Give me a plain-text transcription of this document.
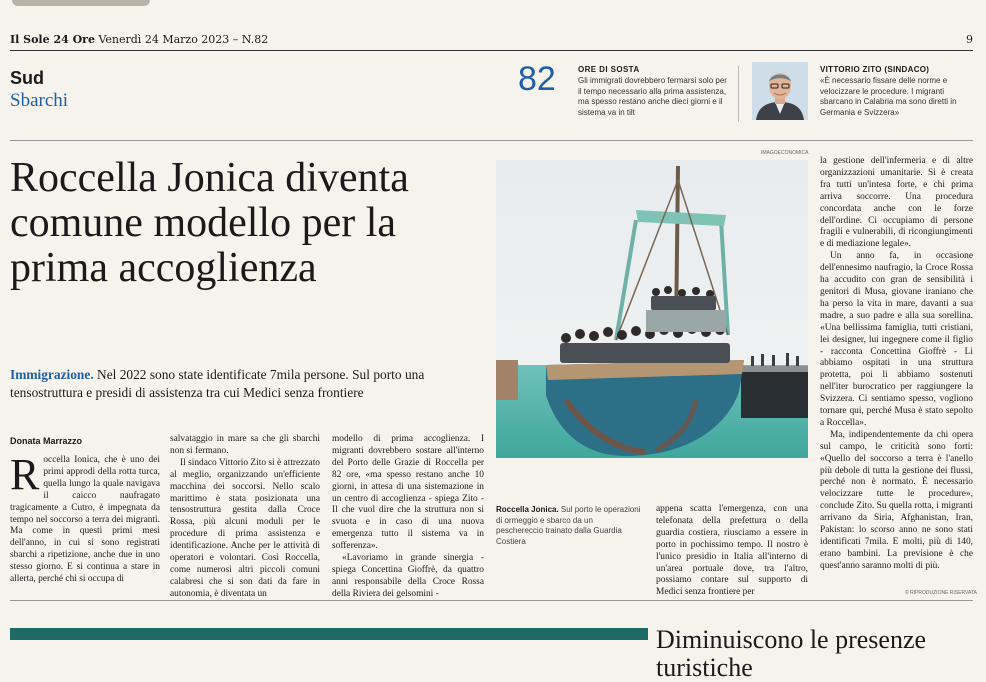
Il Sole 24 Ore Venerdì 24 Marzo 2023 – N.82	9
Sud
Sbarchi
82	ORE DI SOSTA
Gli immigrati dovrebbero fermarsi solo per il tempo necessario alla prima assistenza, ma spesso restano anche dieci giorni e il sistema va in tilt
VITTORIO ZITO (SINDACO)
«È necessario fissare delle norme e velocizzare le procedure. I migranti sbarcano in Calabria ma sono diretti in Germania e Svizzera»
Roccella Jonica diventa comune modello per la prima accoglienza
Immigrazione. Nel 2022 sono state identificate 7mila persone. Sul porto una tensostruttura e presidi di assistenza tra cui Medici senza frontiere
Donata Marrazzo
R occella Ionica, che è uno dei primi approdi della rotta turca, quella lungo la quale navigava il caicco naufragato tragicamente a Cutro, è impegnata da tempo nel soccorso a terra dei migranti. Ma come in questi primi mesi dell'anno, in cui si sono registrati sbarchi a ripetizione, anche due in uno stesso giorno. E si continua a stare in allerta, perché chi si occupa di

salvataggio in mare sa che gli sbarchi non si fermano.

Il sindaco Vittorio Zito si è attrezzato al meglio, organizzando un'efficiente macchina dei soccorsi. Nello scalo marittimo è stata posizionata una tensostruttura gestita dalla Croce Rossa, più alcuni moduli per le procedure di prima assistenza e identificazione. Anche per le attività di operatori e volontari. Così Roccella, come numerosi altri piccoli comuni calabresi che si son dati da fare in autonomia, è diventata un

modello di prima accoglienza. I migranti dovrebbero sostare all'interno del Porto delle Grazie di Roccella per 82 ore, «ma spesso restano anche 10 giorni, in attesa di una sistemazione in un centro di accoglienza - spiega Zito - Il che vuol dire che la struttura non si svuota e in caso di una nuova emergenza tutto il sistema va in sofferenza».

«Lavoriamo in grande sinergia - spiega Concettina Gioffrè, da quattro anni responsabile della Croce Rossa della Riviera dei gelsomini -

IMAGOECONOMICA
Roccella Jonica. Sul porto le operazioni di ormeggio e sbarco da un peschereccio trainato dalla Guardia Costiera

appena scatta l'emergenza, con una telefonata della prefettura o della guardia costiera, riusciamo a essere in porto in pochissimo tempo. Il nostro è l'unico presidio in Italia all'interno di un'area portuale dove, tra l'altro, possiamo contare sul supporto di Medici senza frontiere per

la gestione dell'infermeria e di altre organizzazioni umanitarie. Si è creata fra tutti un'intesa forte, e chi prima arriva soccorre. Una procedura concordata anche con le forze dell'ordine. Ci occupiamo di persone fragili e vulnerabili, di ricongiungimenti e di mediazione legale».

Un anno fa, in occasione dell'ennesimo naufragio, la Croce Rossa ha accudito con gran de sensibilità i genitori di Musa, giovane iraniano che ha perso la vita in mare, davanti a sua madre, a suo padre e alla sua sorellina. «Una bellissima famiglia, tutti cristiani, lei designer, lui ingegnere come il figlio - racconta Concettina Gioffrè - Li abbiamo ospitati in una struttura protetta, poi li abbiamo sostenuti nell'iter burocratico per raggiungere la Svizzera. Ci sentiamo spesso, vogliono tornare qui, perché Musa è stato sepolto a Roccella».

Ma, indipendentemente da chi opera sul campo, le criticità sono forti: «Quello del soccorso a terra è l'anello più debole di tutta la gestione dei flussi, perché non è normato. È necessario velocizzare tutte le procedure», conclude Zito. Su quella rotta, i migranti arrivano da Siria, Afghanistan, Iran, Pakistan: lo scorso anno ne sono stati identificati 7mila. E molti, più di 140, erano bambini. La previsione è che quest'anno saranno molti di più.

© RIPRODUZIONE RISERVATA
Diminuiscono le presenze turistiche
